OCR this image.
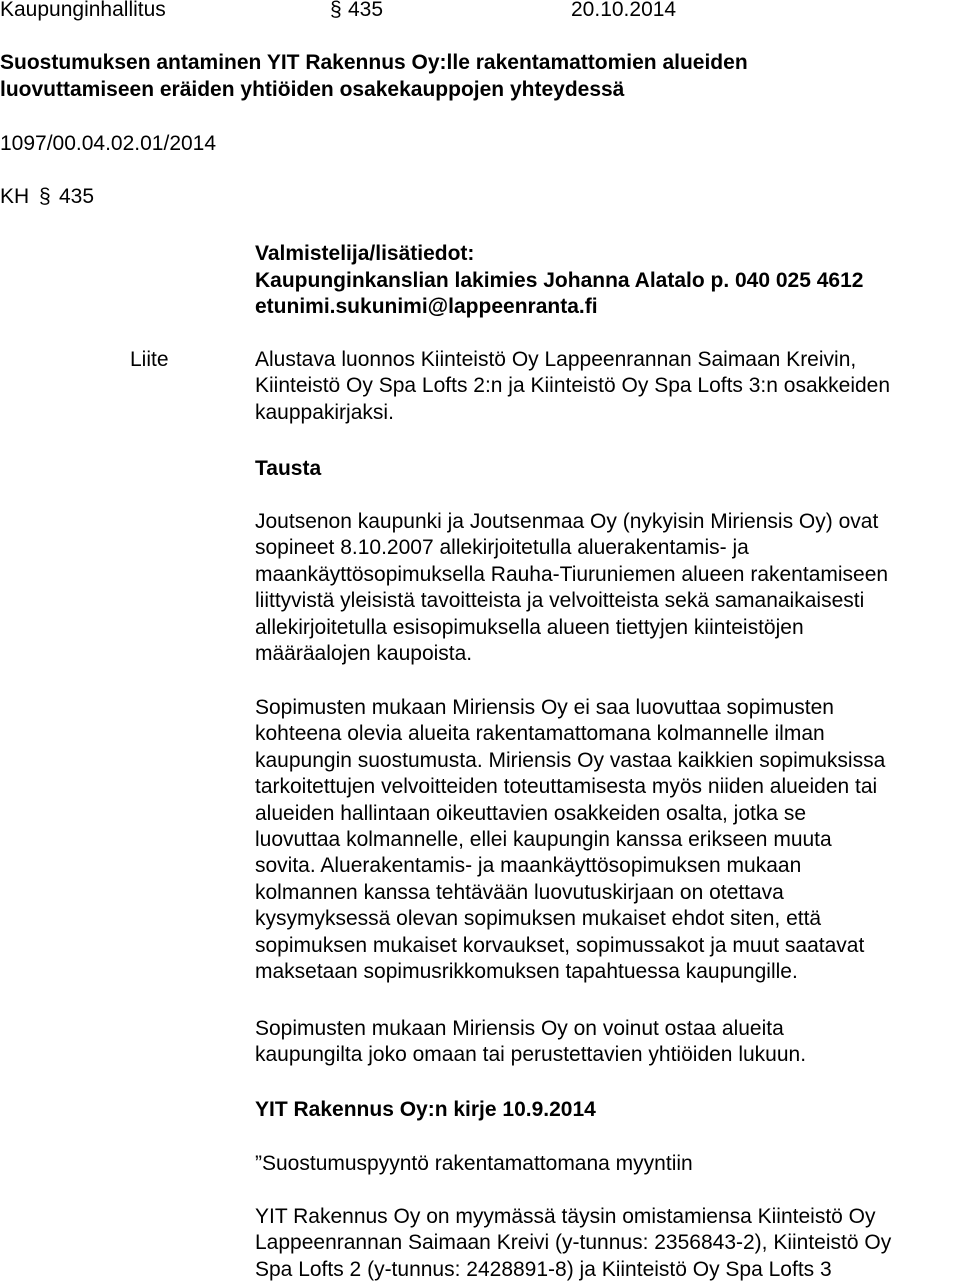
Kaupunginhallitus	§ 435	20.10.2014
Suostumuksen antaminen YIT Rakennus Oy:lle rakentamattomien alueiden
luovuttamiseen eräiden yhtiöiden osakekauppojen yhteydessä
1097/00.04.02.01/2014
KH § 435
Valmistelija/lisätiedot:
Kaupunginkanslian lakimies Johanna Alatalo p. 040 025 4612
etunimi.sukunimi@lappeenranta.fi
Liite	Alustava luonnos Kiinteistö Oy Lappeenrannan Saimaan Kreivin,
Kiinteistö Oy Spa Lofts 2:n ja Kiinteistö Oy Spa Lofts 3:n osakkeiden
kauppakirjaksi.
Tausta
Joutsenon kaupunki ja Joutsenmaa Oy (nykyisin Miriensis Oy) ovat
sopineet 8.10.2007 allekirjoitetulla aluerakentamis- ja
maankäyttösopimuksella Rauha-Tiuruniemen alueen rakentamiseen
liittyvistä yleisistä tavoitteista ja velvoitteista sekä samanaikaisesti
allekirjoitetulla esisopimuksella alueen tiettyjen kiinteistöjen
määräalojen kaupoista.
Sopimusten mukaan Miriensis Oy ei saa luovuttaa sopimusten
kohteena olevia alueita rakentamattomana kolmannelle ilman
kaupungin suostumusta. Miriensis Oy vastaa kaikkien sopimuksissa
tarkoitettujen velvoitteiden toteuttamisesta myös niiden alueiden tai
alueiden hallintaan oikeuttavien osakkeiden osalta, jotka se
luovuttaa kolmannelle, ellei kaupungin kanssa erikseen muuta
sovita. Aluerakentamis- ja maankäyttösopimuksen mukaan
kolmannen kanssa tehtävään luovutuskirjaan on otettava
kysymyksessä olevan sopimuksen mukaiset ehdot siten, että
sopimuksen mukaiset korvaukset, sopimussakot ja muut saatavat
maksetaan sopimusrikkomuksen tapahtuessa kaupungille.
Sopimusten mukaan Miriensis Oy on voinut ostaa alueita
kaupungilta joko omaan tai perustettavien yhtiöiden lukuun.
YIT Rakennus Oy:n kirje 10.9.2014
”Suostumuspyyntö rakentamattomana myyntiin
YIT Rakennus Oy on myymässä täysin omistamiensa Kiinteistö Oy
Lappeenrannan Saimaan Kreivi (y-tunnus: 2356843-2), Kiinteistö Oy
Spa Lofts 2 (y-tunnus: 2428891-8) ja Kiinteistö Oy Spa Lofts 3
